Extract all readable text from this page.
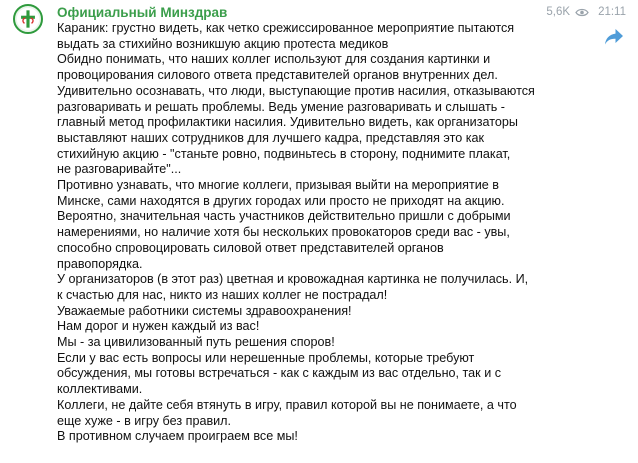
Официальный Минздрав	5,6K 21:11
Караник: грустно видеть, как четко срежиссированное мероприятие пытаются
выдать за стихийно возникшую акцию протеста медиков
Обидно понимать, что наших коллег используют для создания картинки и
провоцирования силового ответа представителей органов внутренних дел.
Удивительно осознавать, что люди, выступающие против насилия, отказываются
разговаривать и решать проблемы. Ведь умение разговаривать и слышать -
главный метод профилактики насилия. Удивительно видеть, как организаторы
выставляют наших сотрудников для лучшего кадра, представляя это как
стихийную акцию - "станьте ровно, подвиньтесь в сторону, поднимите плакат,
не разговаривайте"...
Противно узнавать, что многие коллеги, призывая выйти на мероприятие в
Минске, сами находятся в других городах или просто не приходят на акцию.
Вероятно, значительная часть участников действительно пришли с добрыми
намерениями, но наличие хотя бы нескольких провокаторов среди вас - увы,
способно спровоцировать силовой ответ представителей органов
правопорядка.
У организаторов (в этот раз) цветная и кровожадная картинка не получилась. И,
к счастью для нас, никто из наших коллег не пострадал!
Уважаемые работники системы здравоохранения!
Нам дорог и нужен каждый из вас!
Мы - за цивилизованный путь решения споров!
Если у вас есть вопросы или нерешенные проблемы, которые требуют
обсуждения, мы готовы встречаться - как с каждым из вас отдельно, так и с
коллективами.
Коллеги, не дайте себя втянуть в игру, правил которой вы не понимаете, а что
еще хуже - в игру без правил.
В противном случаем проиграем все мы!
